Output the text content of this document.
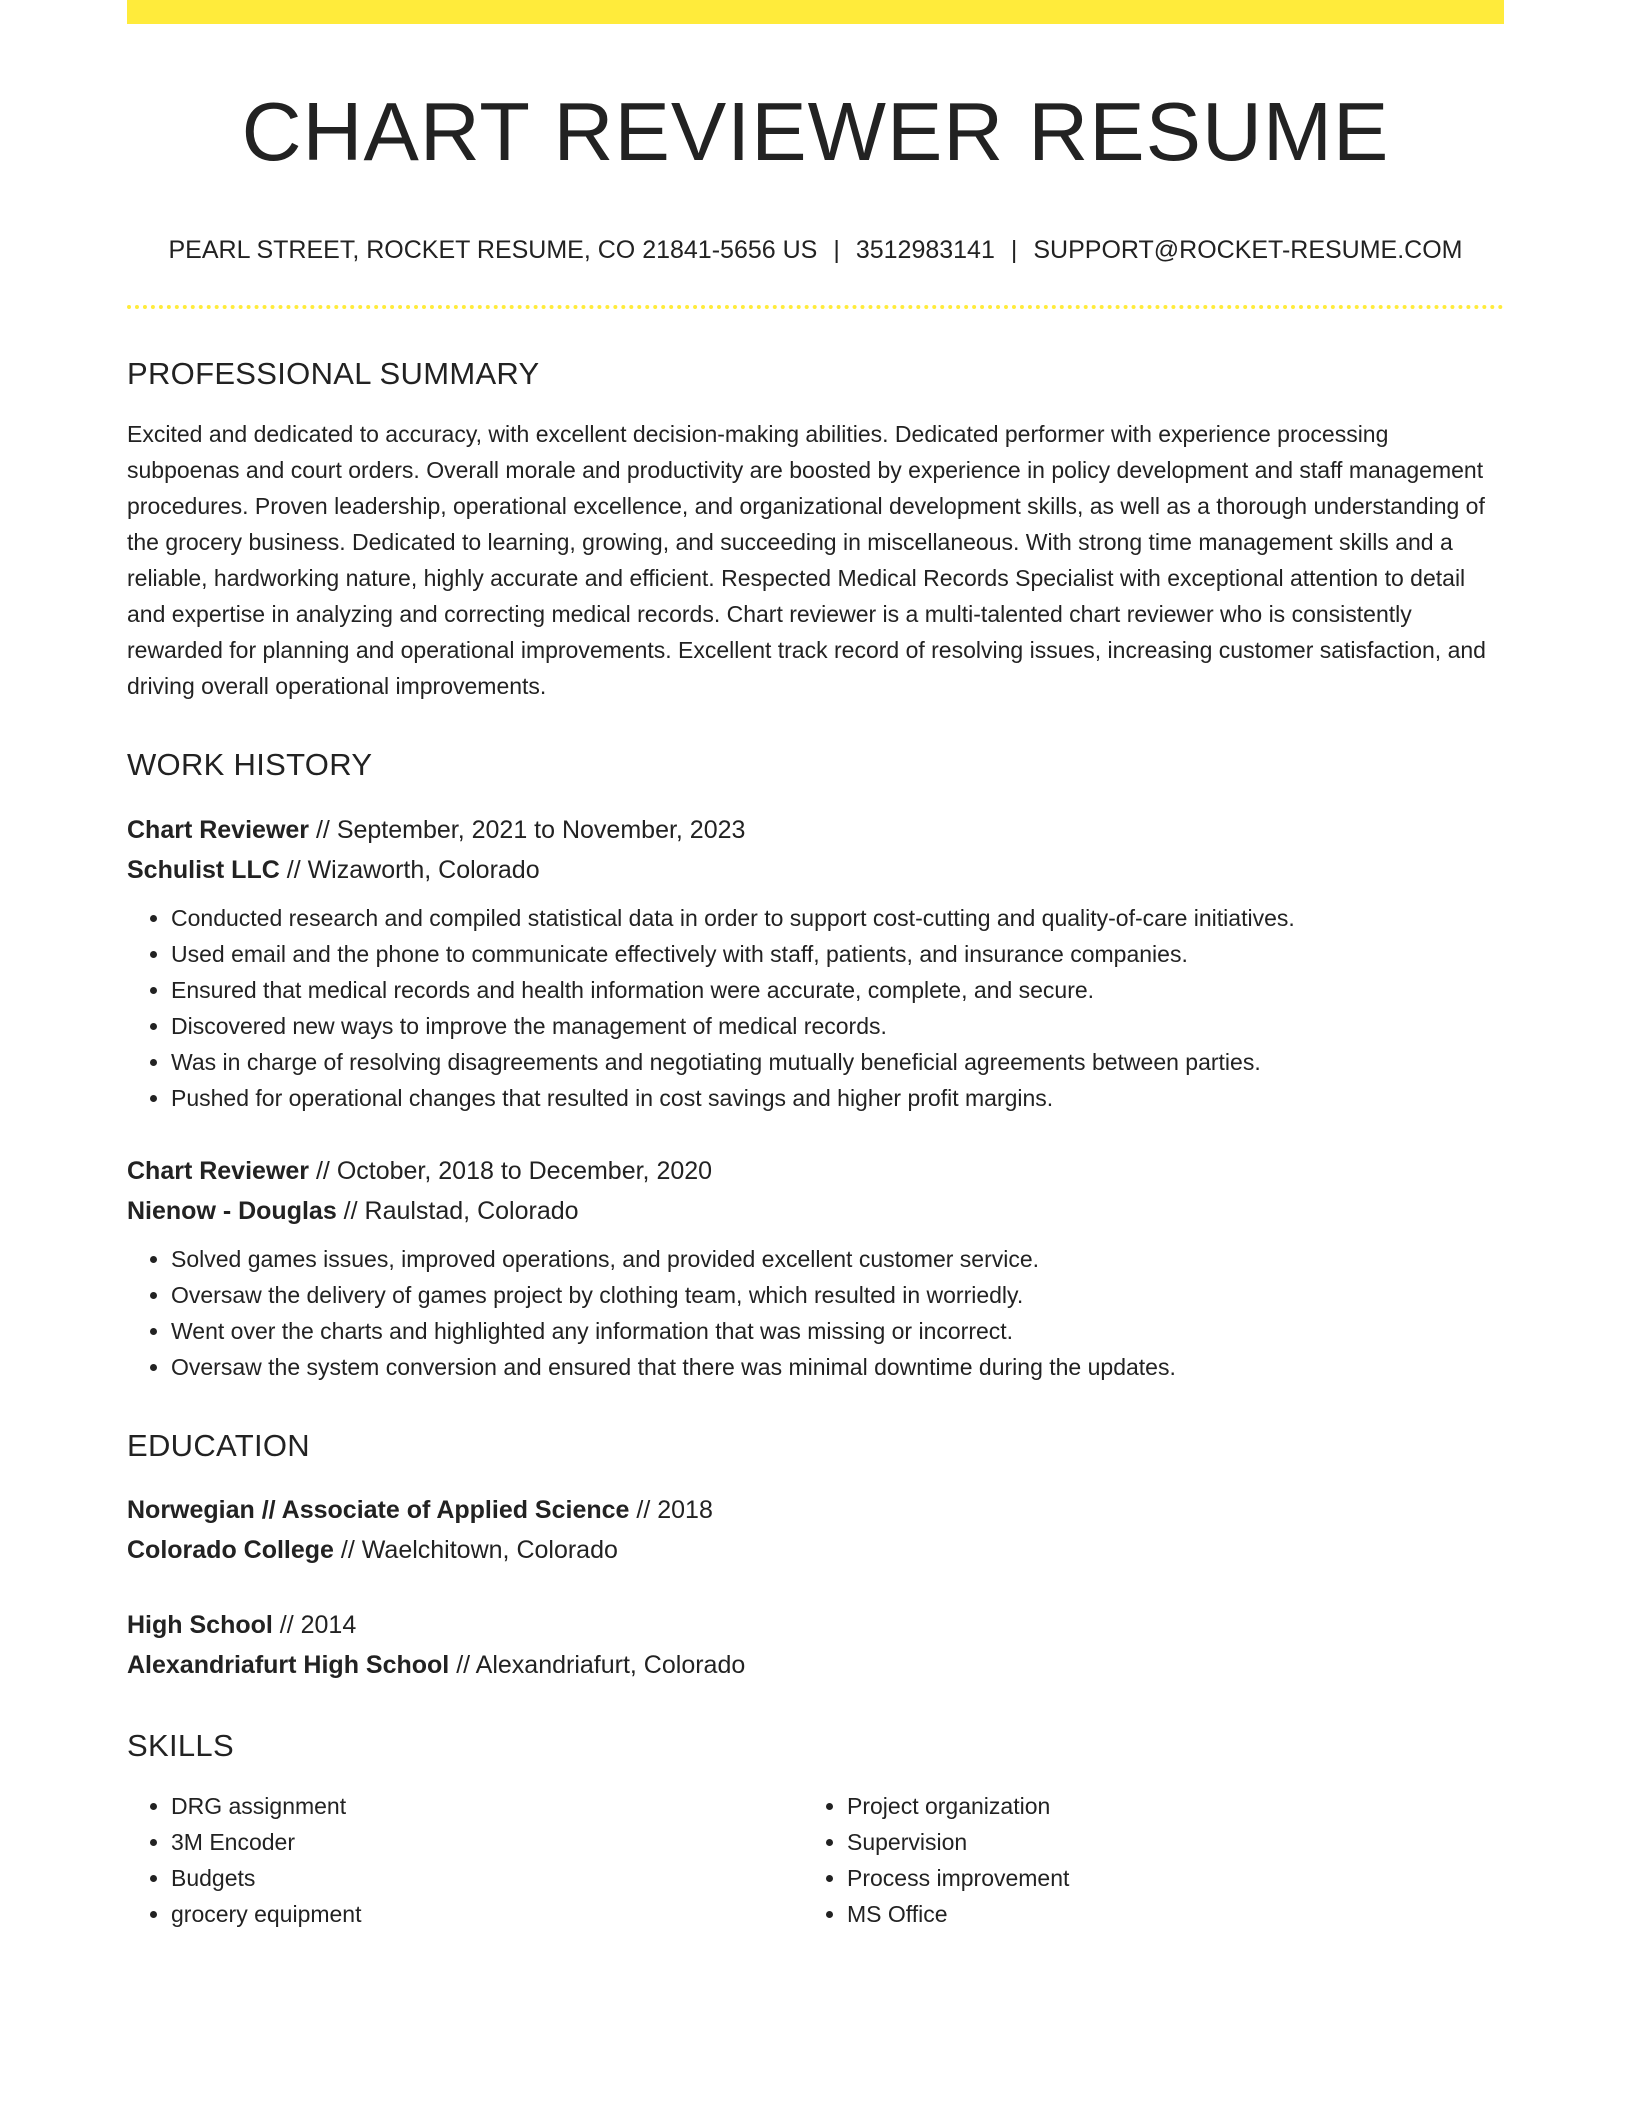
CHART REVIEWER RESUME
PEARL STREET, ROCKET RESUME, CO 21841-5656 US | 3512983141 | SUPPORT@ROCKET-RESUME.COM
PROFESSIONAL SUMMARY
Excited and dedicated to accuracy, with excellent decision-making abilities. Dedicated performer with experience processing subpoenas and court orders. Overall morale and productivity are boosted by experience in policy development and staff management procedures. Proven leadership, operational excellence, and organizational development skills, as well as a thorough understanding of the grocery business. Dedicated to learning, growing, and succeeding in miscellaneous. With strong time management skills and a reliable, hardworking nature, highly accurate and efficient. Respected Medical Records Specialist with exceptional attention to detail and expertise in analyzing and correcting medical records. Chart reviewer is a multi-talented chart reviewer who is consistently rewarded for planning and operational improvements. Excellent track record of resolving issues, increasing customer satisfaction, and driving overall operational improvements.
WORK HISTORY
Chart Reviewer // September, 2021 to November, 2023
Schulist LLC // Wizaworth, Colorado
• Conducted research and compiled statistical data in order to support cost-cutting and quality-of-care initiatives.
• Used email and the phone to communicate effectively with staff, patients, and insurance companies.
• Ensured that medical records and health information were accurate, complete, and secure.
• Discovered new ways to improve the management of medical records.
• Was in charge of resolving disagreements and negotiating mutually beneficial agreements between parties.
• Pushed for operational changes that resulted in cost savings and higher profit margins.
Chart Reviewer // October, 2018 to December, 2020
Nienow - Douglas // Raulstad, Colorado
• Solved games issues, improved operations, and provided excellent customer service.
• Oversaw the delivery of games project by clothing team, which resulted in worriedly.
• Went over the charts and highlighted any information that was missing or incorrect.
• Oversaw the system conversion and ensured that there was minimal downtime during the updates.
EDUCATION
Norwegian // Associate of Applied Science // 2018
Colorado College // Waelchitown, Colorado
High School // 2014
Alexandriafurt High School // Alexandriafurt, Colorado
SKILLS
• DRG assignment
• 3M Encoder
• Budgets
• grocery equipment
• Project organization
• Supervision
• Process improvement
• MS Office
